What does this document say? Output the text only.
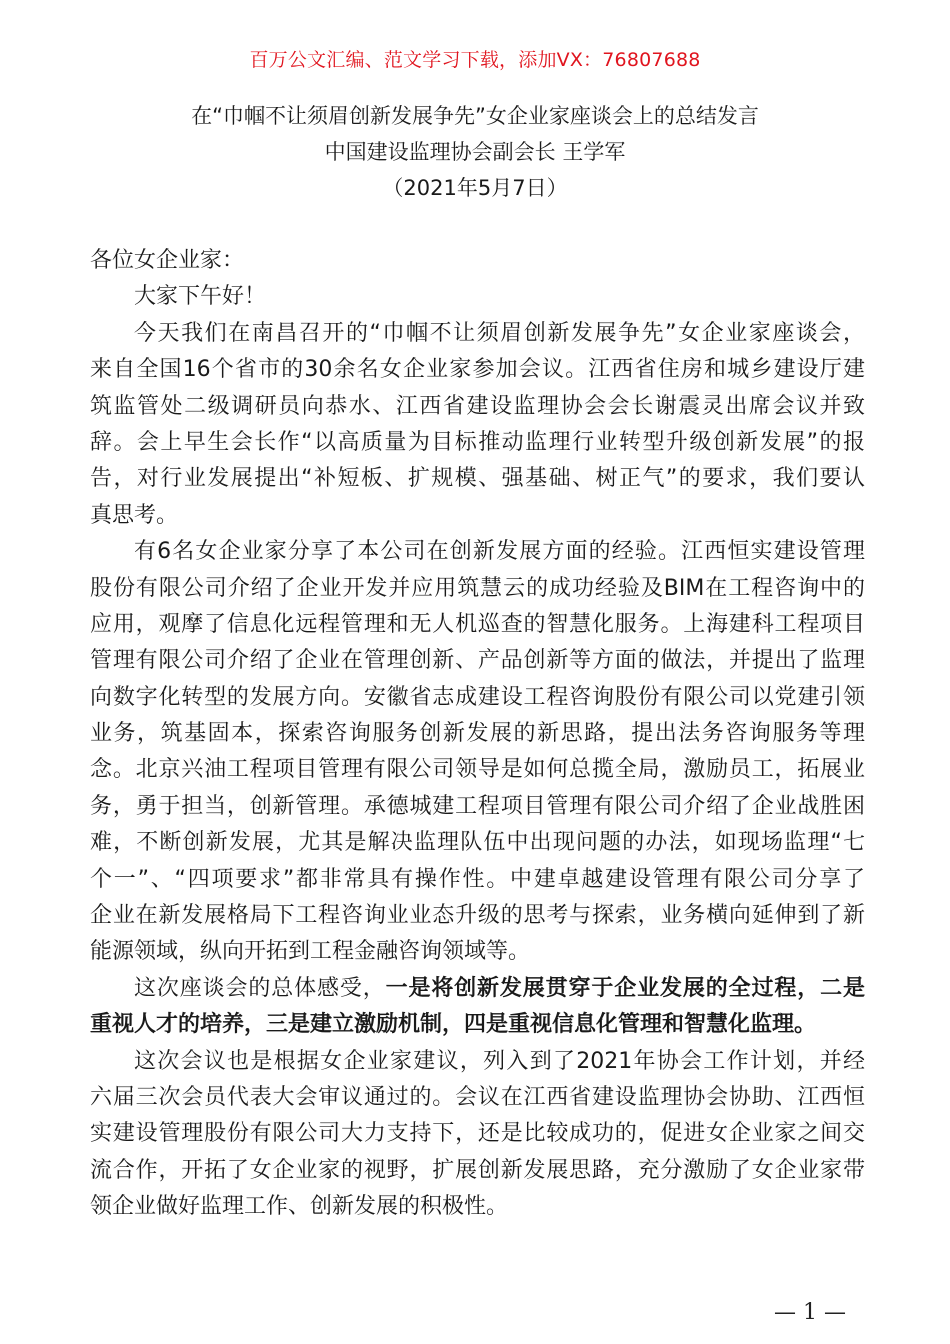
百万公文汇编、范文学习下载，添加VX：76807688
在“巾帼不让须眉创新发展争先”女企业家座谈会上的总结发言
中国建设监理协会副会长 王学军
（2021年5月7日）
各位女企业家：
大家下午好！
今天我们在南昌召开的“巾帼不让须眉创新发展争先”女企业家座谈会，
来自全国16个省市的30余名女企业家参加会议。江西省住房和城乡建设厅建
筑监管处二级调研员向恭水、江西省建设监理协会会长谢震灵出席会议并致
辞。会上早生会长作“以高质量为目标推动监理行业转型升级创新发展”的报
告，对行业发展提出“补短板、扩规模、强基础、树正气”的要求，我们要认
真思考。
有6名女企业家分享了本公司在创新发展方面的经验。江西恒实建设管理
股份有限公司介绍了企业开发并应用筑慧云的成功经验及BIM在工程咨询中的
应用，观摩了信息化远程管理和无人机巡查的智慧化服务。上海建科工程项目
管理有限公司介绍了企业在管理创新、产品创新等方面的做法，并提出了监理
向数字化转型的发展方向。安徽省志成建设工程咨询股份有限公司以党建引领
业务，筑基固本，探索咨询服务创新发展的新思路，提出法务咨询服务等理
念。北京兴油工程项目管理有限公司领导是如何总揽全局，激励员工，拓展业
务，勇于担当，创新管理。承德城建工程项目管理有限公司介绍了企业战胜困
难，不断创新发展，尤其是解决监理队伍中出现问题的办法，如现场监理“七
个一”、“四项要求”都非常具有操作性。中建卓越建设管理有限公司分享了
企业在新发展格局下工程咨询业业态升级的思考与探索，业务横向延伸到了新
能源领域，纵向开拓到工程金融咨询领域等。
这次座谈会的总体感受，一是将创新发展贯穿于企业发展的全过程，二是
重视人才的培养，三是建立激励机制，四是重视信息化管理和智慧化监理。
这次会议也是根据女企业家建议，列入到了2021年协会工作计划，并经
六届三次会员代表大会审议通过的。会议在江西省建设监理协会协助、江西恒
实建设管理股份有限公司大力支持下，还是比较成功的，促进女企业家之间交
流合作，开拓了女企业家的视野，扩展创新发展思路，充分激励了女企业家带
领企业做好监理工作、创新发展的积极性。
— 1 —
